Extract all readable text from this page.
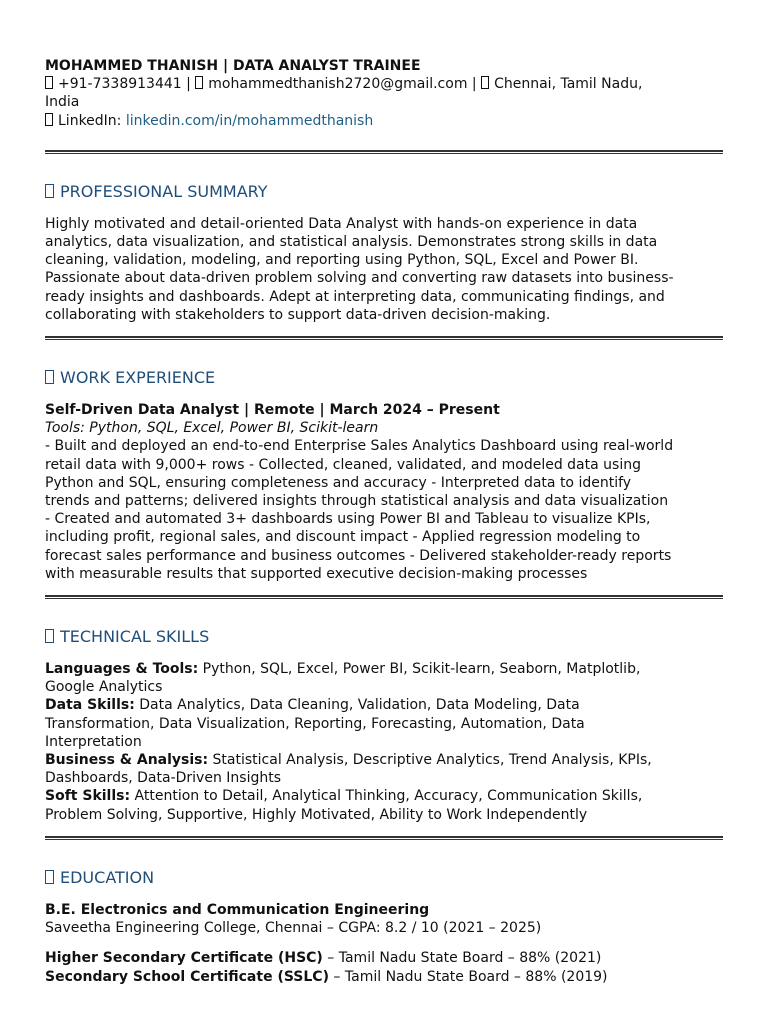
MOHAMMED THANISH | DATA ANALYST TRAINEE
+91-7338913441 | mohammedthanish2720@gmail.com | Chennai, Tamil Nadu,
India
LinkedIn: linkedin.com/in/mohammedthanish
PROFESSIONAL SUMMARY
Highly motivated and detail-oriented Data Analyst with hands-on experience in data
analytics, data visualization, and statistical analysis. Demonstrates strong skills in data
cleaning, validation, modeling, and reporting using Python, SQL, Excel and Power BI.
Passionate about data-driven problem solving and converting raw datasets into business-
ready insights and dashboards. Adept at interpreting data, communicating findings, and
collaborating with stakeholders to support data-driven decision-making.
WORK EXPERIENCE
Self-Driven Data Analyst | Remote | March 2024 – Present
Tools: Python, SQL, Excel, Power BI, Scikit-learn
- Built and deployed an end-to-end Enterprise Sales Analytics Dashboard using real-world
retail data with 9,000+ rows - Collected, cleaned, validated, and modeled data using
Python and SQL, ensuring completeness and accuracy - Interpreted data to identify
trends and patterns; delivered insights through statistical analysis and data visualization
- Created and automated 3+ dashboards using Power BI and Tableau to visualize KPIs,
including profit, regional sales, and discount impact - Applied regression modeling to
forecast sales performance and business outcomes - Delivered stakeholder-ready reports
with measurable results that supported executive decision-making processes
TECHNICAL SKILLS
Languages & Tools: Python, SQL, Excel, Power BI, Scikit-learn, Seaborn, Matplotlib,
Google Analytics
Data Skills: Data Analytics, Data Cleaning, Validation, Data Modeling, Data
Transformation, Data Visualization, Reporting, Forecasting, Automation, Data
Interpretation
Business & Analysis: Statistical Analysis, Descriptive Analytics, Trend Analysis, KPIs,
Dashboards, Data-Driven Insights
Soft Skills: Attention to Detail, Analytical Thinking, Accuracy, Communication Skills,
Problem Solving, Supportive, Highly Motivated, Ability to Work Independently
EDUCATION
B.E. Electronics and Communication Engineering
Saveetha Engineering College, Chennai – CGPA: 8.2 / 10 (2021 – 2025)
Higher Secondary Certificate (HSC) – Tamil Nadu State Board – 88% (2021)
Secondary School Certificate (SSLC) – Tamil Nadu State Board – 88% (2019)
